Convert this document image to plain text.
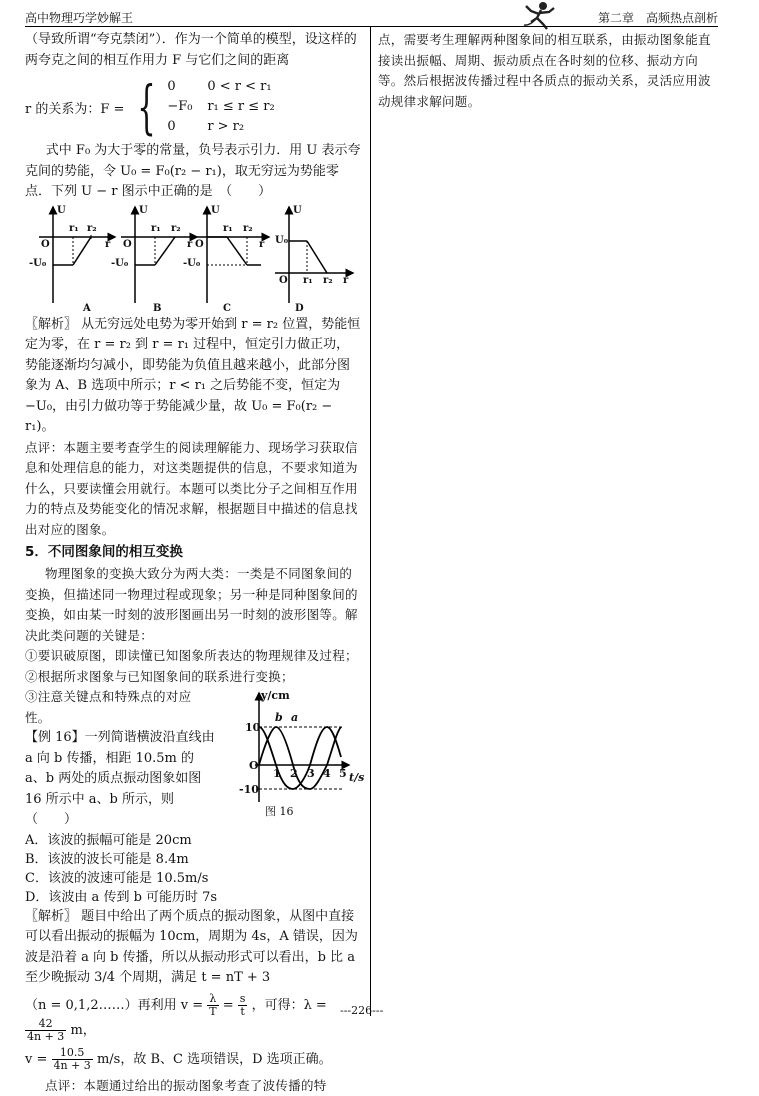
高中物理巧学妙解王	第二章　高频热点剖析

（导致所谓“夸克禁闭”）．作为一个简单的模型，设这样的两夸克之间的相互作用力 F 与它们之间的距离

r 的关系为：F = { 0 0 < r < r₁
−F₀ r₁ ≤ r ≤ r₂
0 r > r₂

式中 F₀ 为大于零的常量，负号表示引力．用 U 表示夸克间的势能，令 U₀ = F₀(r₂ − r₁)，取无穷远为势能零点．下列 U − r 图示中正确的是　（　　）

U
O
r₁ r₂
r
-U₀
A
U
O
r₁ r₂
r
-U₀
B
U
O
r₁ r₂
r
-U₀
C
U
U₀
O r₁ r₂ r
D

〖解析〗 从无穷远处电势为零开始到 r = r₂ 位置，势能恒定为零，在 r = r₂ 到 r = r₁ 过程中，恒定引力做正功，势能逐渐均匀减小，即势能为负值且越来越小，此部分图象为 A、B 选项中所示；r < r₁ 之后势能不变，恒定为 −U₀，由引力做功等于势能减少量，故 U₀ = F₀(r₂ − r₁)。

点评：本题主要考查学生的阅读理解能力、现场学习获取信息和处理信息的能力，对这类题提供的信息，不要求知道为什么，只要读懂会用就行。本题可以类比分子之间相互作用力的特点及势能变化的情况求解，根据题目中描述的信息找出对应的图象。

5．不同图象间的相互变换

物理图象的变换大致分为两大类：一类是不同图象间的变换，但描述同一物理过程或现象；另一种是同种图象间的变换，如由某一时刻的波形图画出另一时刻的波形图等。解决此类问题的关键是：

①要识破原图，即读懂已知图象所表达的物理规律及过程；

②根据所求图象与已知图象间的联系进行变换；

③注意关键点和特殊点的对应性。

【例 16】一列简谐横波沿直线由 a 向 b 传播，相距 10.5m 的 a、b 两处的质点振动图象如图 16 所示中 a、b 所示，则　（　　）

y/cm
10
-10
O
b a
1 2 3 4 5 t/s
图 16

A．该波的振幅可能是 20cm

B．该波的波长可能是 8.4m

C．该波的波速可能是 10.5m/s

D．该波由 a 传到 b 可能历时 7s

〖解析〗 题目中给出了两个质点的振动图象，从图中直接可以看出振动的振幅为 10cm，周期为 4s，A 错误，因为波是沿着 a 向 b 传播，所以从振动形式可以看出，b 比 a 至少晚振动 3/4 个周期，满足 t = nT + 3

（n = 0,1,2……）再利用 $v = \frac{\lambda}{T} = \frac{s}{t}$ ，可得：λ =
$\frac{42}{4n + 3}$ m，

$v = \frac{10.5}{4n + 3} m/s$，故 B、C 选项错误，D 选项正确。

点评：本题通过给出的振动图象考查了波传播的特

点，需要考生理解两种图象间的相互联系，由振动图象能直接读出振幅、周期、振动质点在各时刻的位移、振动方向等。然后根据波传播过程中各质点的振动关系，灵活应用波动规律求解问题。

---226---
